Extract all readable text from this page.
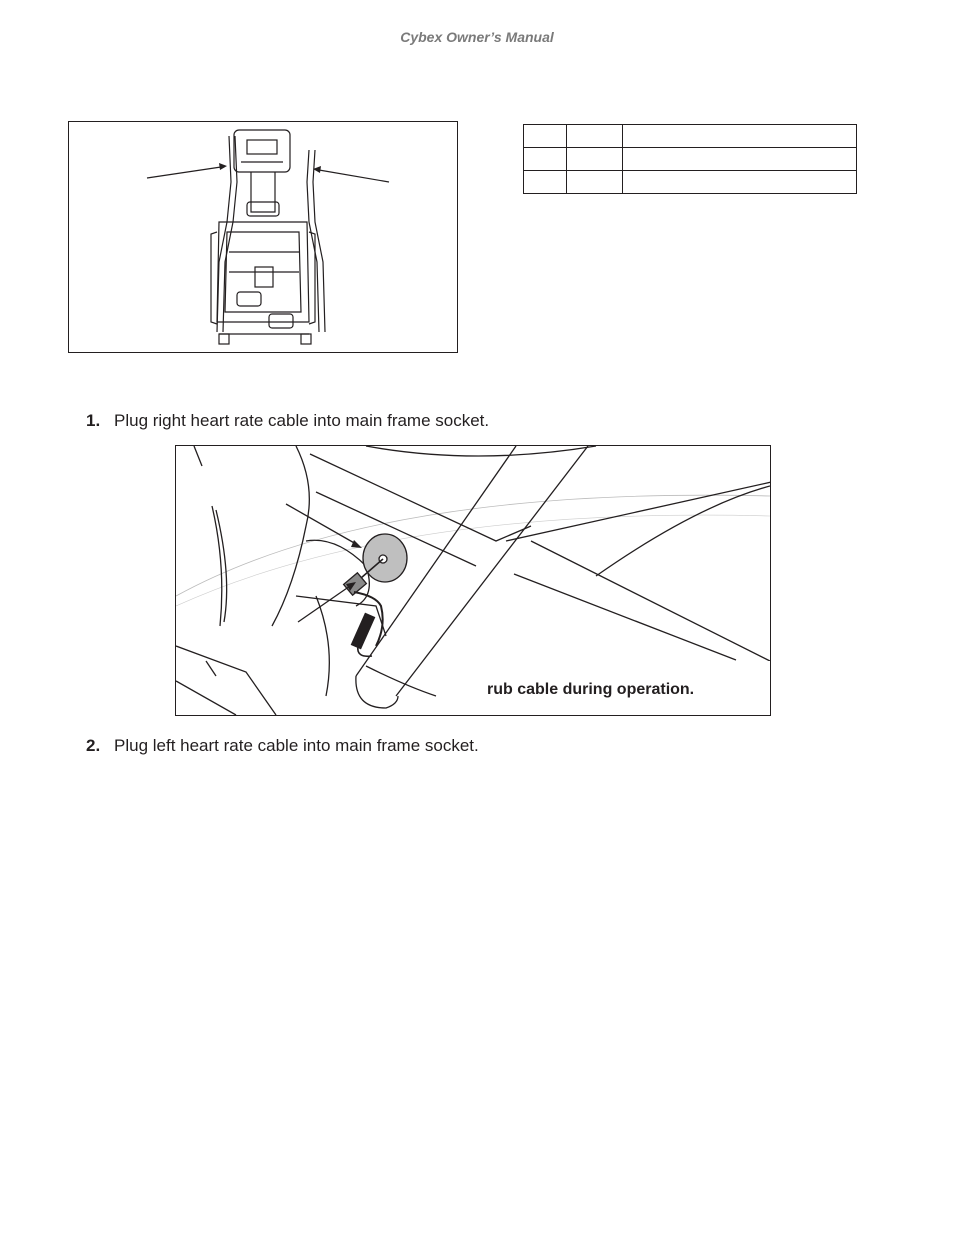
Cybex Owner’s Manual

1. Plug right heart rate cable into main frame socket.
rub cable during operation.
2. Plug left heart rate cable into main frame socket.
